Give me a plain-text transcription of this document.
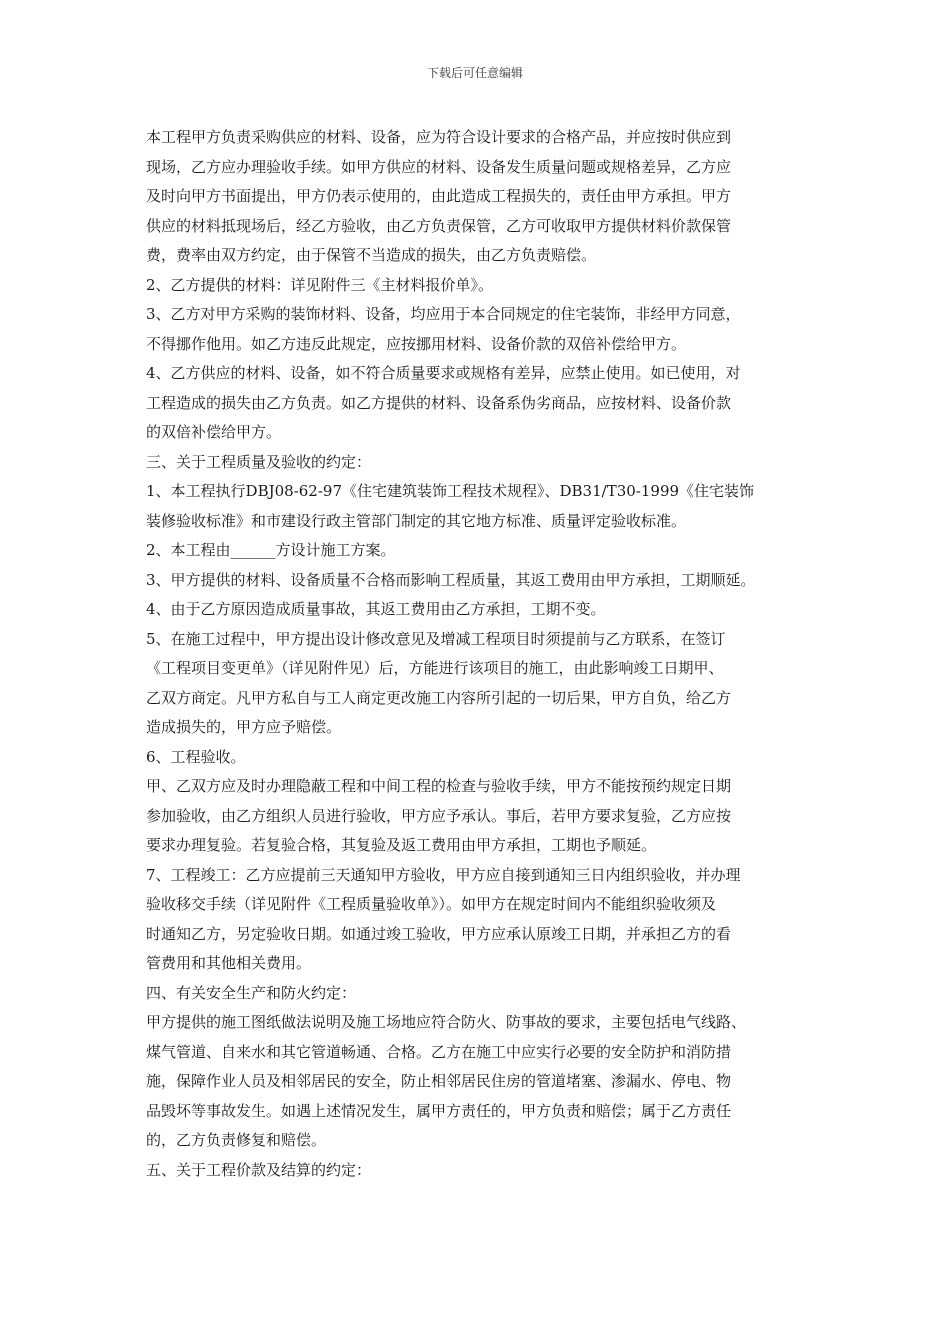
下载后可任意编辑
本工程甲方负责采购供应的材料、设备，应为符合设计要求的合格产品，并应按时供应到
现场，乙方应办理验收手续。如甲方供应的材料、设备发生质量问题或规格差异，乙方应
及时向甲方书面提出，甲方仍表示使用的，由此造成工程损失的，责任由甲方承担。甲方
供应的材料抵现场后，经乙方验收，由乙方负责保管，乙方可收取甲方提供材料价款保管
费，费率由双方约定，由于保管不当造成的损失，由乙方负责赔偿。
2、乙方提供的材料：详见附件三《主材料报价单》。
3、乙方对甲方采购的装饰材料、设备，均应用于本合同规定的住宅装饰，非经甲方同意，
不得挪作他用。如乙方违反此规定，应按挪用材料、设备价款的双倍补偿给甲方。
4、乙方供应的材料、设备，如不符合质量要求或规格有差异，应禁止使用。如已使用，对
工程造成的损失由乙方负责。如乙方提供的材料、设备系伪劣商品，应按材料、设备价款
的双倍补偿给甲方。
三、关于工程质量及验收的约定：
1、本工程执行DBJ08-62-97《住宅建筑装饰工程技术规程》、DB31/T30-1999《住宅装饰
装修验收标准》和市建设行政主管部门制定的其它地方标准、质量评定验收标准。
2、本工程由______方设计施工方案。
3、甲方提供的材料、设备质量不合格而影响工程质量，其返工费用由甲方承担，工期顺延。
4、由于乙方原因造成质量事故，其返工费用由乙方承担，工期不变。
5、在施工过程中，甲方提出设计修改意见及增减工程项目时须提前与乙方联系，在签订
《工程项目变更单》（详见附件见）后，方能进行该项目的施工，由此影响竣工日期甲、
乙双方商定。凡甲方私自与工人商定更改施工内容所引起的一切后果，甲方自负，给乙方
造成损失的，甲方应予赔偿。
6、工程验收。
甲、乙双方应及时办理隐蔽工程和中间工程的检查与验收手续，甲方不能按预约规定日期
参加验收，由乙方组织人员进行验收，甲方应予承认。事后，若甲方要求复验，乙方应按
要求办理复验。若复验合格，其复验及返工费用由甲方承担，工期也予顺延。
7、工程竣工：乙方应提前三天通知甲方验收，甲方应自接到通知三日内组织验收，并办理
验收移交手续（详见附件《工程质量验收单》）。如甲方在规定时间内不能组织验收须及
时通知乙方，另定验收日期。如通过竣工验收，甲方应承认原竣工日期，并承担乙方的看
管费用和其他相关费用。
四、有关安全生产和防火约定：
甲方提供的施工图纸做法说明及施工场地应符合防火、防事故的要求，主要包括电气线路、
煤气管道、自来水和其它管道畅通、合格。乙方在施工中应实行必要的安全防护和消防措
施，保障作业人员及相邻居民的安全，防止相邻居民住房的管道堵塞、渗漏水、停电、物
品毁坏等事故发生。如遇上述情况发生，属甲方责任的，甲方负责和赔偿；属于乙方责任
的，乙方负责修复和赔偿。
五、关于工程价款及结算的约定：
